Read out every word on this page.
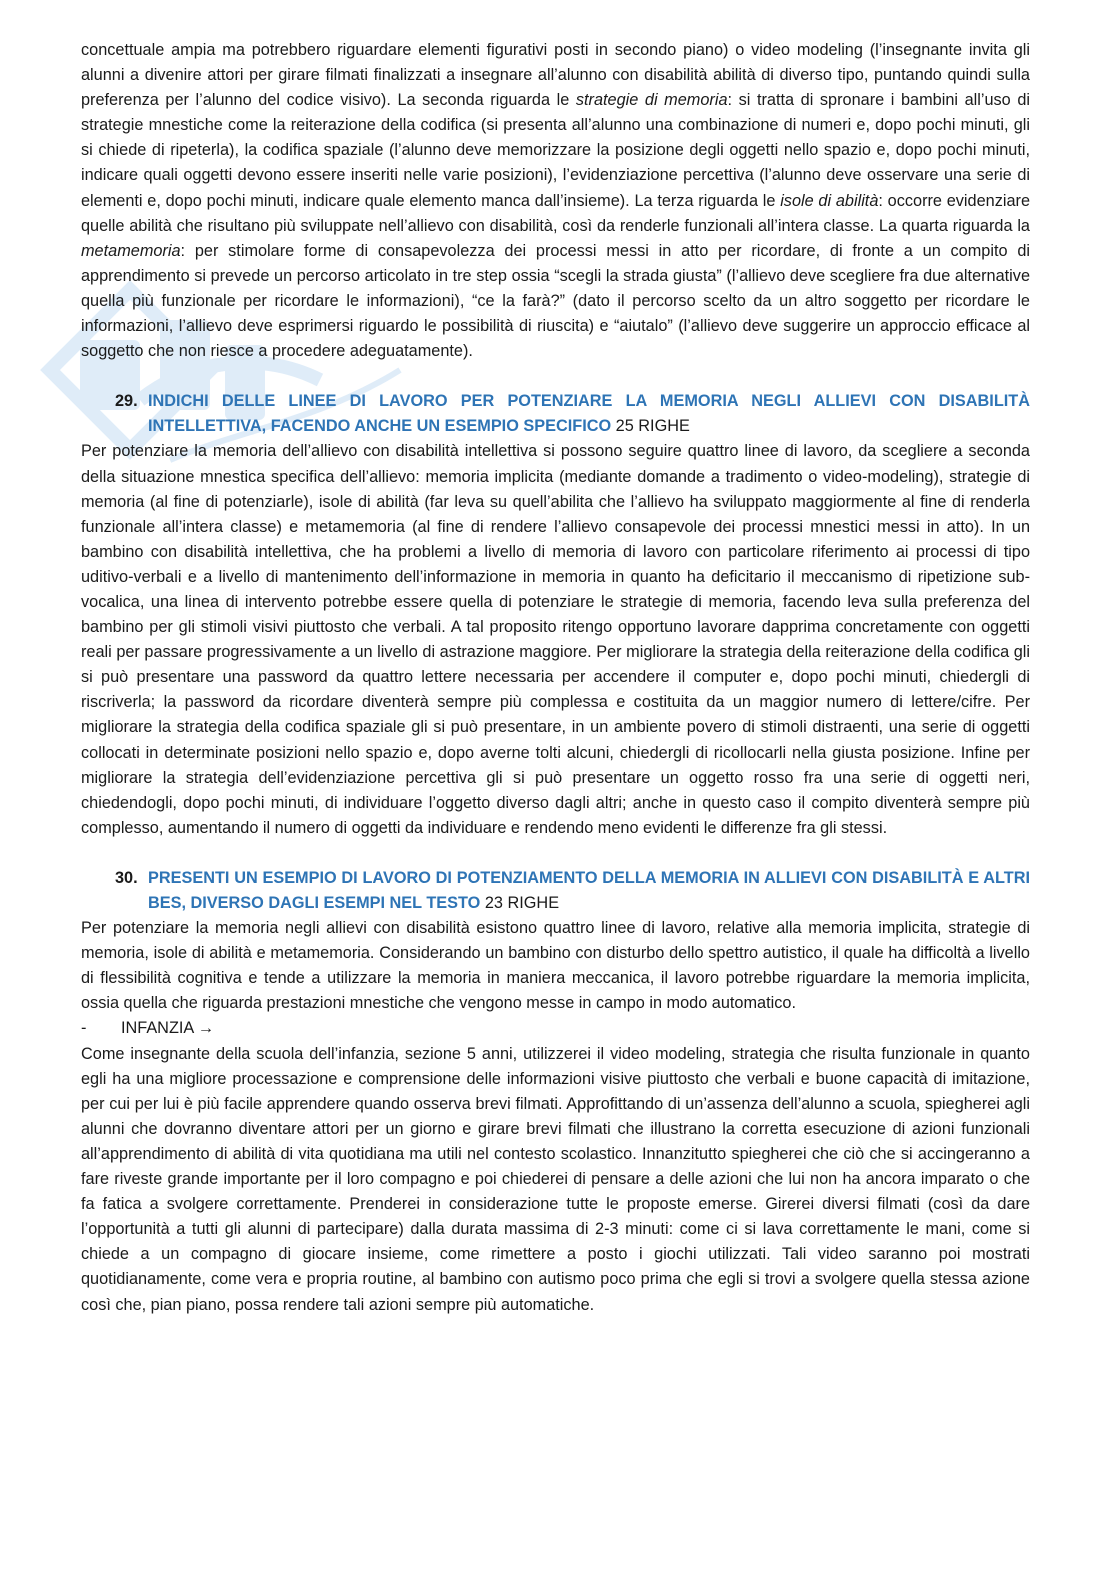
concettuale ampia ma potrebbero riguardare elementi figurativi posti in secondo piano) o video modeling (l’insegnante invita gli alunni a divenire attori per girare filmati finalizzati a insegnare all’alunno con disabilità abilità di diverso tipo, puntando quindi sulla preferenza per l’alunno del codice visivo). La seconda riguarda le strategie di memoria: si tratta di spronare i bambini all’uso di strategie mnestiche come la reiterazione della codifica (si presenta all’alunno una combinazione di numeri e, dopo pochi minuti, gli si chiede di ripeterla), la codifica spaziale (l’alunno deve memorizzare la posizione degli oggetti nello spazio e, dopo pochi minuti, indicare quali oggetti devono essere inseriti nelle varie posizioni), l’evidenziazione percettiva (l’alunno deve osservare una serie di elementi e, dopo pochi minuti, indicare quale elemento manca dall’insieme). La terza riguarda le isole di abilità: occorre evidenziare quelle abilità che risultano più sviluppate nell’allievo con disabilità, così da renderle funzionali all’intera classe. La quarta riguarda la metamemoria: per stimolare forme di consapevolezza dei processi messi in atto per ricordare, di fronte a un compito di apprendimento si prevede un percorso articolato in tre step ossia “scegli la strada giusta” (l’allievo deve scegliere fra due alternative quella più funzionale per ricordare le informazioni), “ce la farà?” (dato il percorso scelto da un altro soggetto per ricordare le informazioni, l’allievo deve esprimersi riguardo le possibilità di riuscita) e “aiutalo” (l’allievo deve suggerire un approccio efficace al soggetto che non riesce a procedere adeguatamente).

29. INDICHI DELLE LINEE DI LAVORO PER POTENZIARE LA MEMORIA NEGLI ALLIEVI CON DISABILITÀ INTELLETTIVA, FACENDO ANCHE UN ESEMPIO SPECIFICO 25 RIGHE

Per potenziare la memoria dell’allievo con disabilità intellettiva si possono seguire quattro linee di lavoro, da scegliere a seconda della situazione mnestica specifica dell’allievo: memoria implicita (mediante domande a tradimento o video-modeling), strategie di memoria (al fine di potenziarle), isole di abilità (far leva su quell’abilita che l’allievo ha sviluppato maggiormente al fine di renderla funzionale all’intera classe) e metamemoria (al fine di rendere l’allievo consapevole dei processi mnestici messi in atto). In un bambino con disabilità intellettiva, che ha problemi a livello di memoria di lavoro con particolare riferimento ai processi di tipo uditivo-verbali e a livello di mantenimento dell’informazione in memoria in quanto ha deficitario il meccanismo di ripetizione sub-vocalica, una linea di intervento potrebbe essere quella di potenziare le strategie di memoria, facendo leva sulla preferenza del bambino per gli stimoli visivi piuttosto che verbali. A tal proposito ritengo opportuno lavorare dapprima concretamente con oggetti reali per passare progressivamente a un livello di astrazione maggiore. Per migliorare la strategia della reiterazione della codifica gli si può presentare una password da quattro lettere necessaria per accendere il computer e, dopo pochi minuti, chiedergli di riscriverla; la password da ricordare diventerà sempre più complessa e costituita da un maggior numero di lettere/cifre. Per migliorare la strategia della codifica spaziale gli si può presentare, in un ambiente povero di stimoli distraenti, una serie di oggetti collocati in determinate posizioni nello spazio e, dopo averne tolti alcuni, chiedergli di ricollocarli nella giusta posizione. Infine per migliorare la strategia dell’evidenziazione percettiva gli si può presentare un oggetto rosso fra una serie di oggetti neri, chiedendogli, dopo pochi minuti, di individuare l’oggetto diverso dagli altri; anche in questo caso il compito diventerà sempre più complesso, aumentando il numero di oggetti da individuare e rendendo meno evidenti le differenze fra gli stessi.

30. PRESENTI UN ESEMPIO DI LAVORO DI POTENZIAMENTO DELLA MEMORIA IN ALLIEVI CON DISABILITÀ E ALTRI BES, DIVERSO DAGLI ESEMPI NEL TESTO 23 RIGHE

Per potenziare la memoria negli allievi con disabilità esistono quattro linee di lavoro, relative alla memoria implicita, strategie di memoria, isole di abilità e metamemoria. Considerando un bambino con disturbo dello spettro autistico, il quale ha difficoltà a livello di flessibilità cognitiva e tende a utilizzare la memoria in maniera meccanica, il lavoro potrebbe riguardare la memoria implicita, ossia quella che riguarda prestazioni mnestiche che vengono messe in campo in modo automatico.

- INFANZIA →

Come insegnante della scuola dell’infanzia, sezione 5 anni, utilizzerei il video modeling, strategia che risulta funzionale in quanto egli ha una migliore processazione e comprensione delle informazioni visive piuttosto che verbali e buone capacità di imitazione, per cui per lui è più facile apprendere quando osserva brevi filmati. Approfittando di un’assenza dell’alunno a scuola, spiegherei agli alunni che dovranno diventare attori per un giorno e girare brevi filmati che illustrano la corretta esecuzione di azioni funzionali all’apprendimento di abilità di vita quotidiana ma utili nel contesto scolastico. Innanzitutto spiegherei che ciò che si accingeranno a fare riveste grande importante per il loro compagno e poi chiederei di pensare a delle azioni che lui non ha ancora imparato o che fa fatica a svolgere correttamente. Prenderei in considerazione tutte le proposte emerse. Girerei diversi filmati (così da dare l’opportunità a tutti gli alunni di partecipare) dalla durata massima di 2-3 minuti: come ci si lava correttamente le mani, come si chiede a un compagno di giocare insieme, come rimettere a posto i giochi utilizzati. Tali video saranno poi mostrati quotidianamente, come vera e propria routine, al bambino con autismo poco prima che egli si trovi a svolgere quella stessa azione così che, pian piano, possa rendere tali azioni sempre più automatiche.
